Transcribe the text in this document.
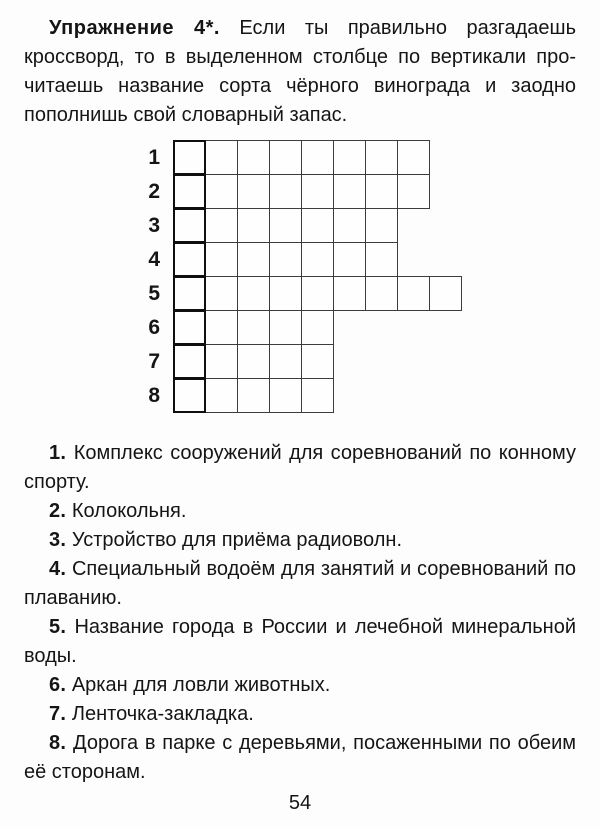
Упражнение 4*. Если ты правильно разгадаешь кроссворд, то в выделенном столбце по вертикали прочитаешь название сорта чёрного винограда и заодно пополнишь свой словарный запас.

1
2
3
4
5
6
7
8

1. Комплекс сооружений для соревнований по конному спорту.

2. Колокольня.

3. Устройство для приёма радиоволн.

4. Специальный водоём для занятий и соревнований по плаванию.

5. Название города в России и лечебной минеральной воды.

6. Аркан для ловли животных.

7. Ленточка-закладка.

8. Дорога в парке с деревьями, посаженными по обеим её сторонам.

54
